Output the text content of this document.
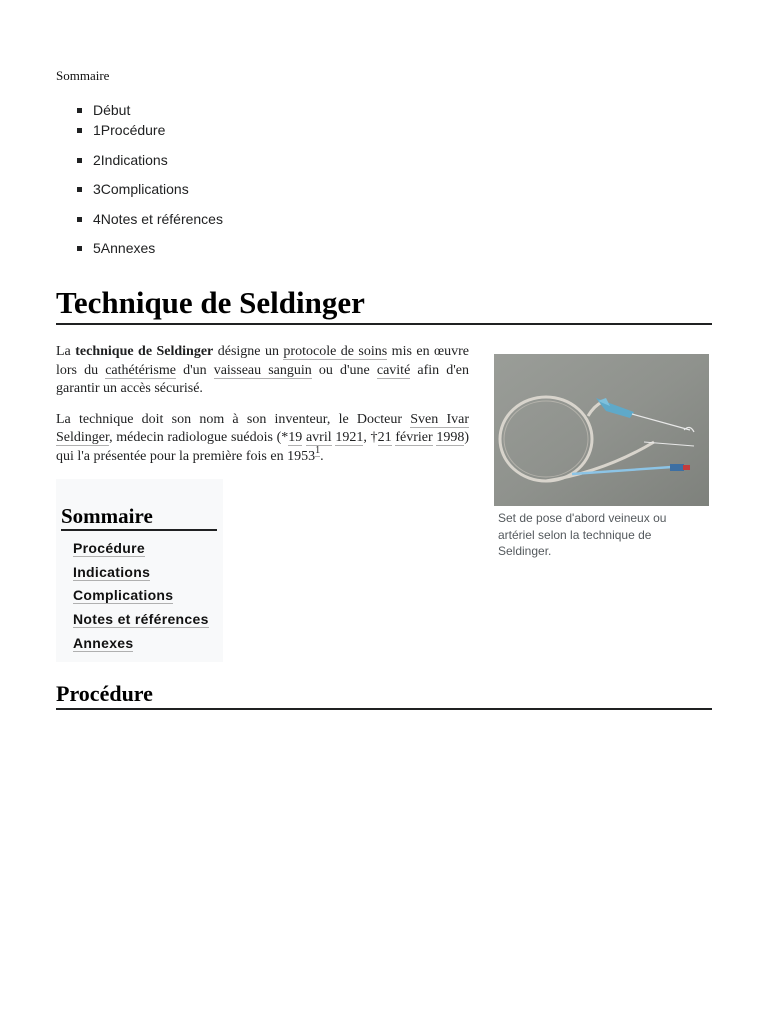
Sommaire
Début
1Procédure
2Indications
3Complications
4Notes et références
5Annexes
Technique de Seldinger

La technique de Seldinger désigne un protocole de soins mis en œuvre lors du cathétérisme d'un vaisseau sanguin ou d'une cavité afin d'en garantir un accès sécurisé.

La technique doit son nom à son inventeur, le Docteur Sven Ivar Seldinger, médecin radiologue suédois (*19 avril 1921, †21 février 1998) qui l'a présentée pour la première fois en 1953$^1$.

Set de pose d'abord veineux ou artériel selon la technique de Seldinger.
Sommaire
Procédure
Indications
Complications
Notes et références
Annexes
Procédure
